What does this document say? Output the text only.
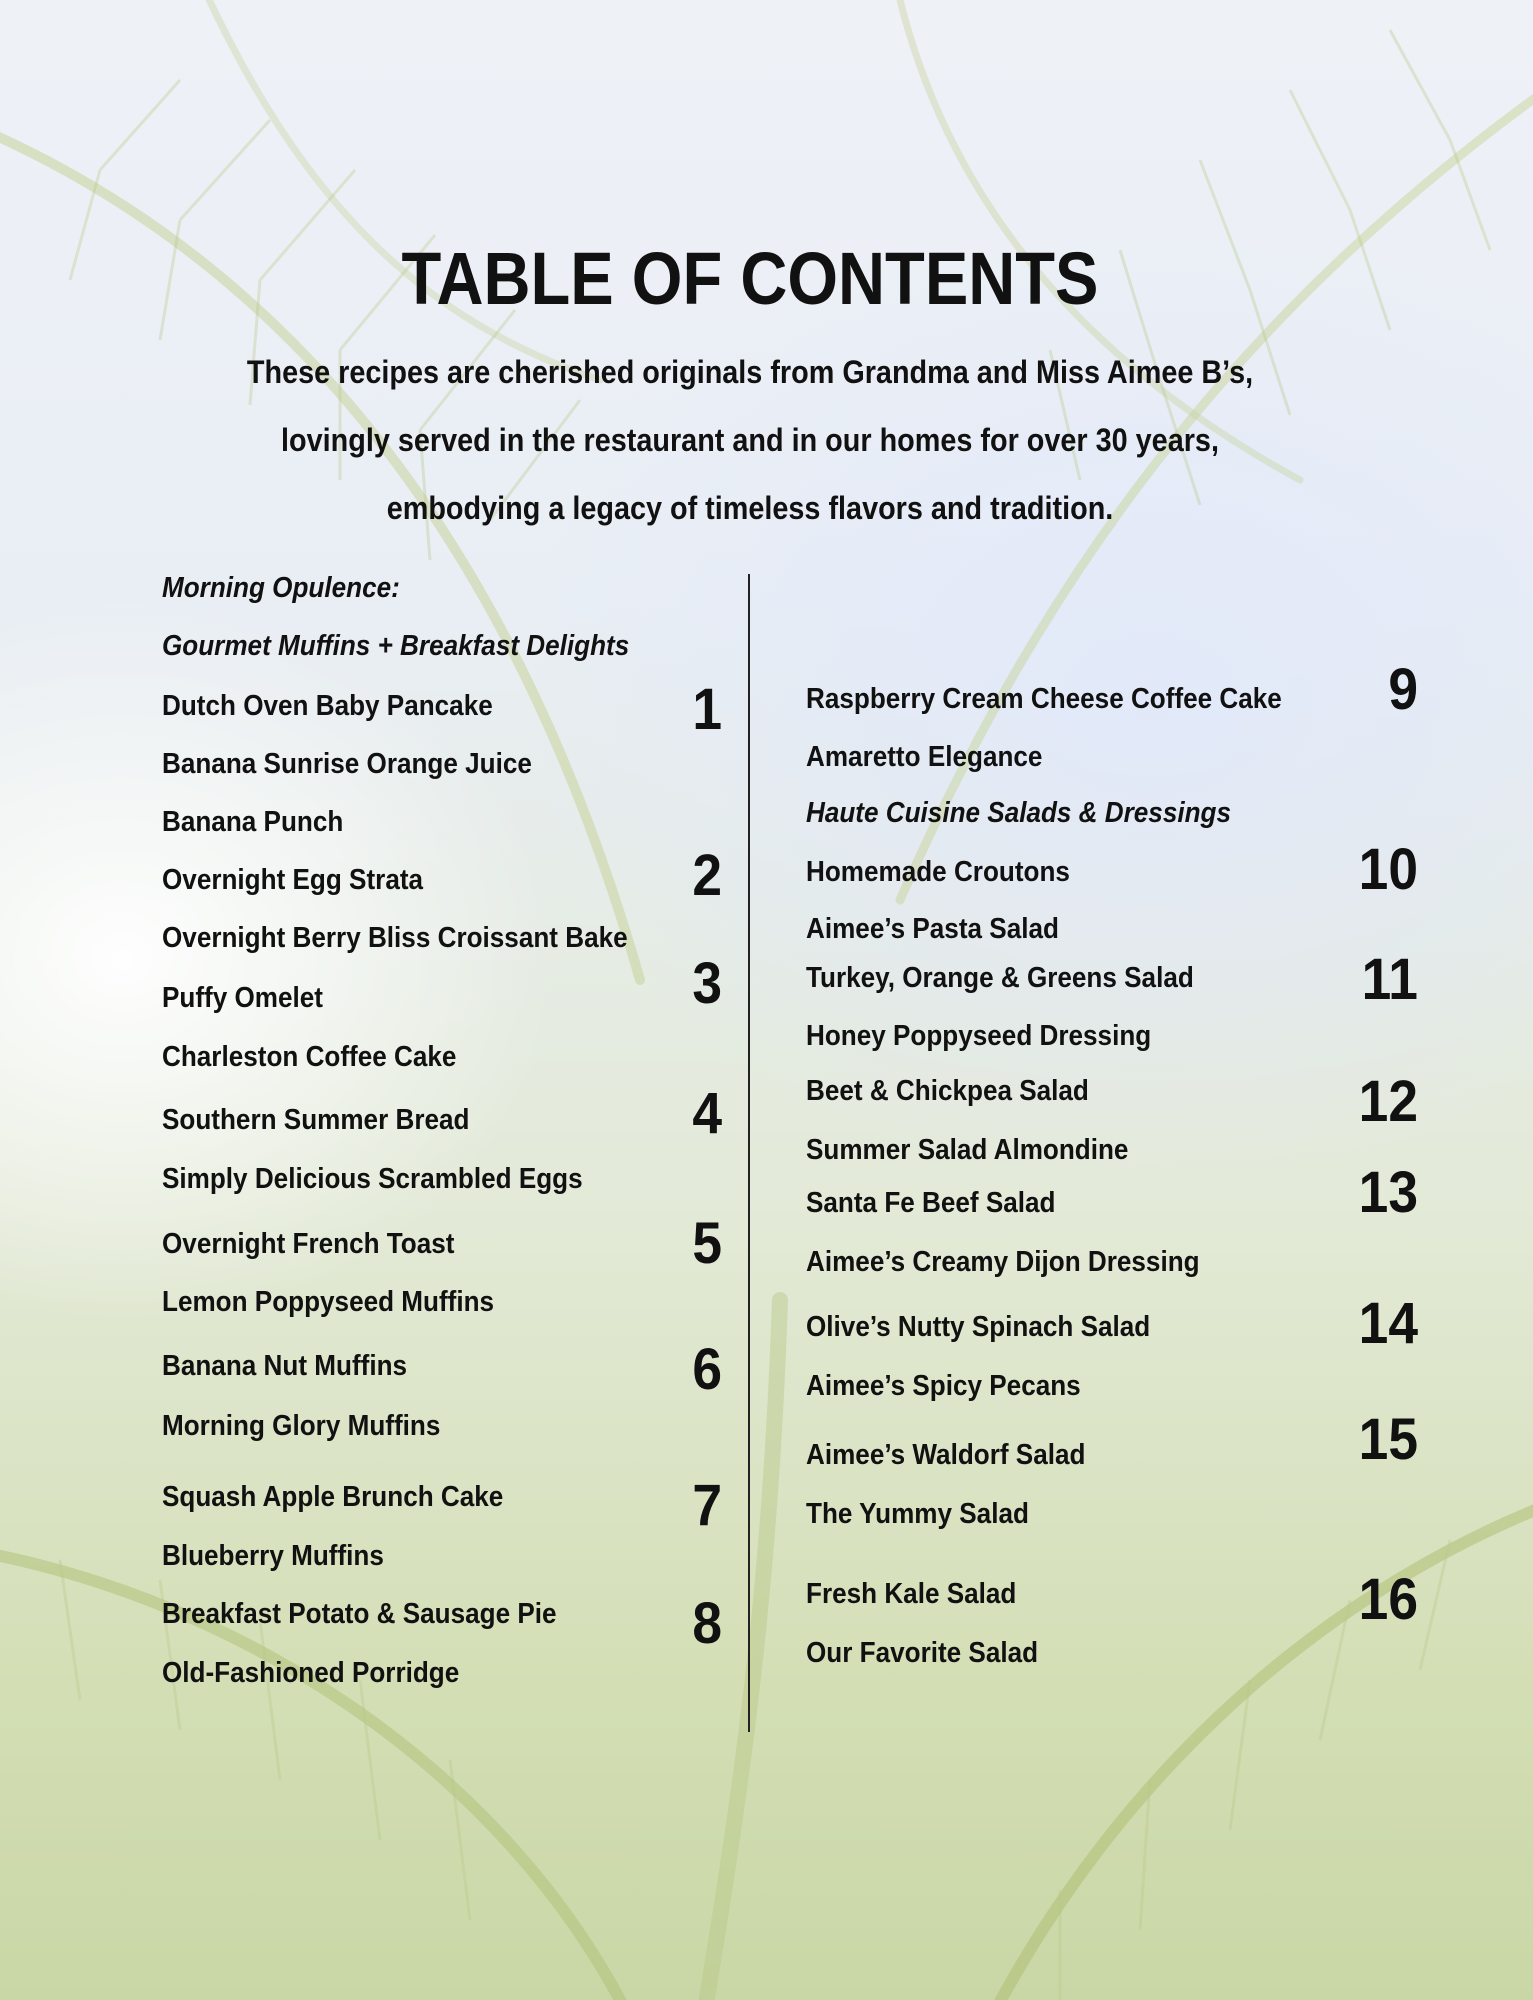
TABLE OF CONTENTS
These recipes are cherished originals from Grandma and Miss Aimee B’s,
lovingly served in the restaurant and in our homes for over 30 years,
embodying a legacy of timeless flavors and tradition.
Morning Opulence:
Gourmet Muffins + Breakfast Delights
Dutch Oven Baby Pancake
Banana Sunrise Orange Juice
Banana Punch
Overnight Egg Strata
Overnight Berry Bliss Croissant Bake
Puffy Omelet
Charleston Coffee Cake
Southern Summer Bread
Simply Delicious Scrambled Eggs
Overnight French Toast
Lemon Poppyseed Muffins
Banana Nut Muffins
Morning Glory Muffins
Squash Apple Brunch Cake
Blueberry Muffins
Breakfast Potato & Sausage Pie
Old-Fashioned Porridge
1
2
3
4
5
6
7
8
Raspberry Cream Cheese Coffee Cake
Amaretto Elegance
Haute Cuisine Salads & Dressings
Homemade Croutons
Aimee’s Pasta Salad
Turkey, Orange & Greens Salad
Honey Poppyseed Dressing
Beet & Chickpea Salad
Summer Salad Almondine
Santa Fe Beef Salad
Aimee’s Creamy Dijon Dressing
Olive’s Nutty Spinach Salad
Aimee’s Spicy Pecans
Aimee’s Waldorf Salad
The Yummy Salad
Fresh Kale Salad
Our Favorite Salad
9
10
11
12
13
14
15
16
